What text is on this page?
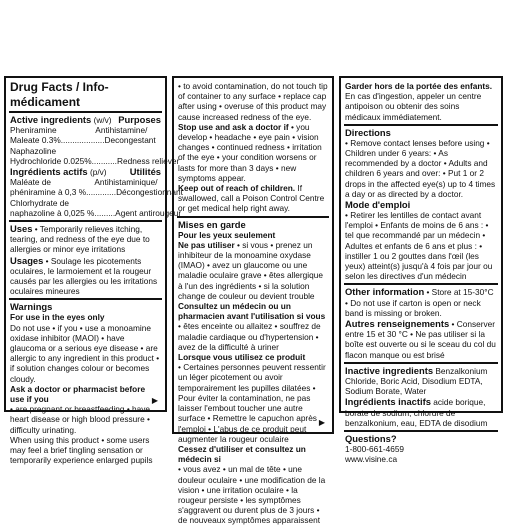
Drug Facts / Info-médicament
Active ingredients (w/v) Purposes
Pheniramine                 Antihistamine/
Maleate 0.3%...................Decongestant
Naphazoline
Hydrochloride 0.025%...........Redness reliever
Ingrédients actifs (p/v) Utilités
Maléate de                   Antihistaminique/
phéniramine à 0,3 %.............Décongestionnant
Chlorhydrate de
naphazoline à 0,025 %.........Agent antirougeur

Uses • Temporarily relieves itching, tearing, and redness of the eye due to allergies or minor eye irritations

Usages • Soulage les picotements oculaires, le larmoiement et la rougeur causés par les allergies ou les irritations oculaires mineures

Warnings
For use in the eyes only
Do not use • if you • use a monoamine oxidase inhibitor (MAOI) • have glaucoma or a serious eye disease • are allergic to any ingredient in this product • if solution changes colour or becomes cloudy.
Ask a doctor or pharmacist before use if you
• are pregnant or breastfeeding • have heart disease or high blood pressure • difficulty urinating.
When using this product • some users may feel a brief tingling sensation or temporarily experience enlarged pupils
▶
• to avoid contamination, do not touch tip of container to any surface • replace cap after using • overuse of this product may cause increased redness of the eye.

Stop use and ask a doctor if • you develop • headache • eye pain • vision changes • continued redness • irritation of the eye • your condition worsens or lasts for more than 3 days • new symptoms appear.

Keep out of reach of children. If swallowed, call a Poison Control Centre or get medical help right away.

Mises en garde
Pour les yeux seulement

Ne pas utiliser • si vous • prenez un inhibiteur de la monoamine oxydase (IMAO) • avez un glaucome ou une maladie oculaire grave • êtes allergique à l'un des ingrédients • si la solution change de couleur ou devient trouble

Consultez un médecin ou un pharmacien avant l'utilisation si vous • êtes enceinte ou allaitez • souffrez de maladie cardiaque ou d'hypertension • avez de la difficulté à uriner

Lorsque vous utilisez ce produit
• Certaines personnes peuvent ressentir un léger picotement ou avoir temporairement les pupilles dilatées • Pour éviter la contamination, ne pas laisser l'embout toucher une autre surface • Remettre le capuchon après l'emploi • L'abus de ce produit peut augmenter la rougeur oculaire
Cessez d'utiliser et consultez un médecin si
• vous avez • un mal de tête • une douleur oculaire • une modification de la vision • une irritation oculaire • la rougeur persiste • les symptômes s'aggravent ou durent plus de 3 jours • de nouveaux symptômes apparaissent
▶

Garder hors de la portée des enfants. En cas d'ingestion, appeler un centre antipoison ou obtenir des soins médicaux immédiatement.

Directions
• Remove contact lenses before using • Children under 6 years: • As recommended by a doctor • Adults and children 6 years and over: • Put 1 or 2 drops in the affected eye(s) up to 4 times a day or as directed by a doctor.
Mode d'emploi
• Retirer les lentilles de contact avant l'emploi • Enfants de moins de 6 ans : • tel que recommandé par un médecin • Adultes et enfants de 6 ans et plus : • instiller 1 ou 2 gouttes dans l'œil (les yeux) atteint(s) jusqu'à 4 fois par jour ou selon les directives d'un médecin

Other information • Store at 15-30°C • Do not use if carton is open or neck band is missing or broken.

Autres renseignements • Conserver entre 15 et 30 °C • Ne pas utiliser si la boîte est ouverte ou si le sceau du col du flacon manque ou est brisé

Inactive ingredients Benzalkonium Chloride, Boric Acid, Disodium EDTA, Sodium Borate, Water

Ingrédients inactifs acide borique, borate de sodium, chlorure de benzalkonium, eau, EDTA de disodium

Questions?
1-800-661-4659
www.visine.ca
